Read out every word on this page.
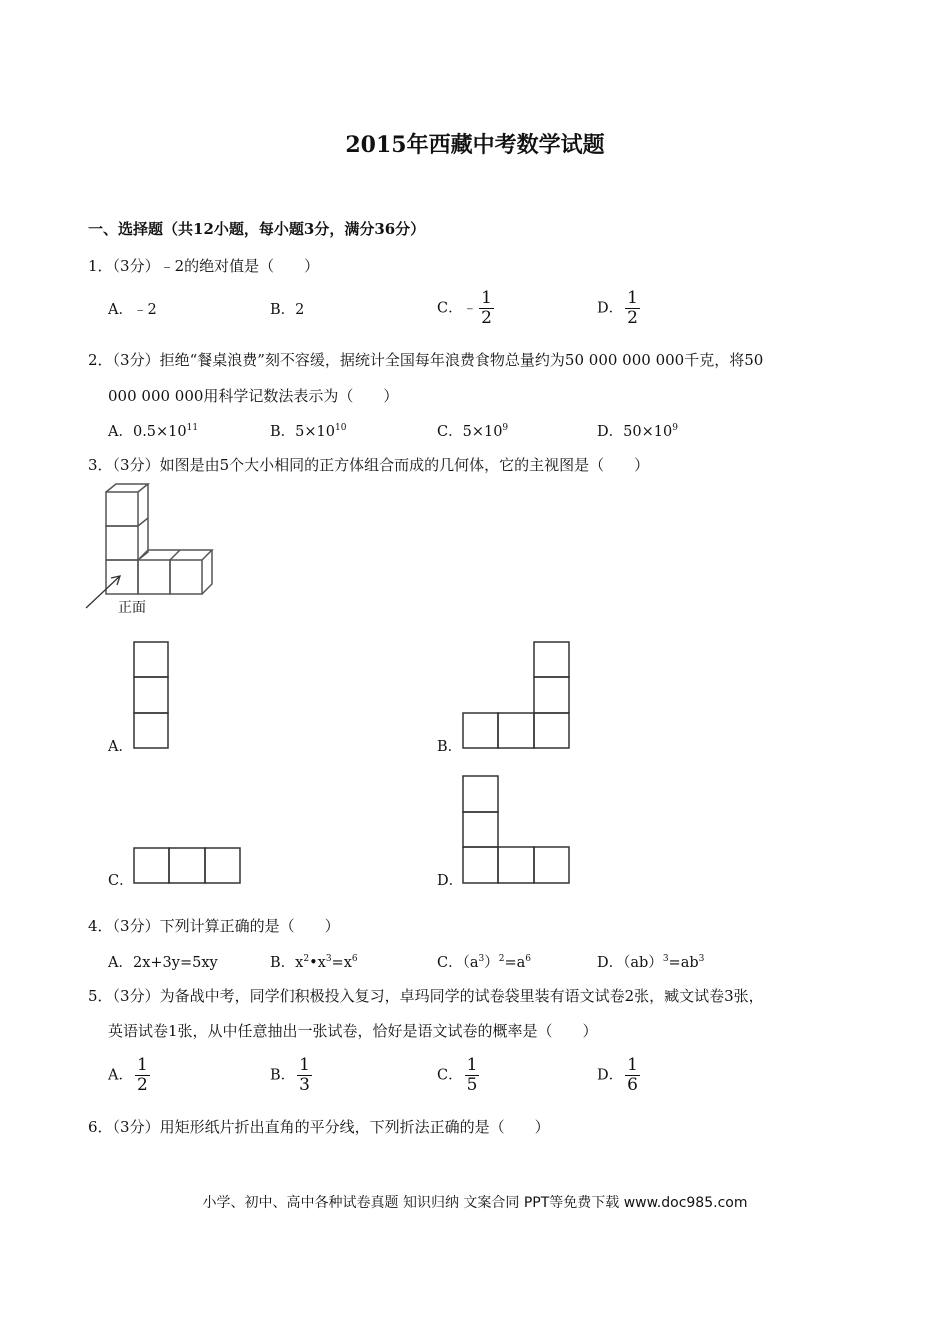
2015年西藏中考数学试题
一、选择题（共12小题，每小题3分，满分36分）
1．（3分）﹣2的绝对值是（　　）
A．﹣2	B．2	C．﹣ $\frac{1}{2}$	D． $\frac{1}{2}$
2．（3分）拒绝“餐桌浪费”刻不容缓，据统计全国每年浪费食物总量约为50 000 000 000千克，将50
000 000 000用科学记数法表示为（　　）
A．$0.5\times 10^{11}$	B．$5\times 10^{10}$	C．$5\times 10^9$	D．$50\times 10^9$
3．（3分）如图是由5个大小相同的正方体组合而成的几何体，它的主视图是（　　）
正面
A．	B．
C．	D．
4．（3分）下列计算正确的是（　　）
A．2x+3y=5xy	B．$x^2•x^3=x^6$	C．$(a^3)^2=a^6$	D．$(ab)^3=ab^3$
5．（3分）为备战中考，同学们积极投入复习，卓玛同学的试卷袋里装有语文试卷2张，臧文试卷3张，
英语试卷1张，从中任意抽出一张试卷，恰好是语文试卷的概率是（　　）
A． $\frac{1}{2}$	B． $\frac{1}{3}$	C． $\frac{1}{5}$	D． $\frac{1}{6}$
6．（3分）用矩形纸片折出直角的平分线，下列折法正确的是（　　）
小学、初中、高中各种试卷真题 知识归纳 文案合同 PPT等免费下载 www.doc985.com
